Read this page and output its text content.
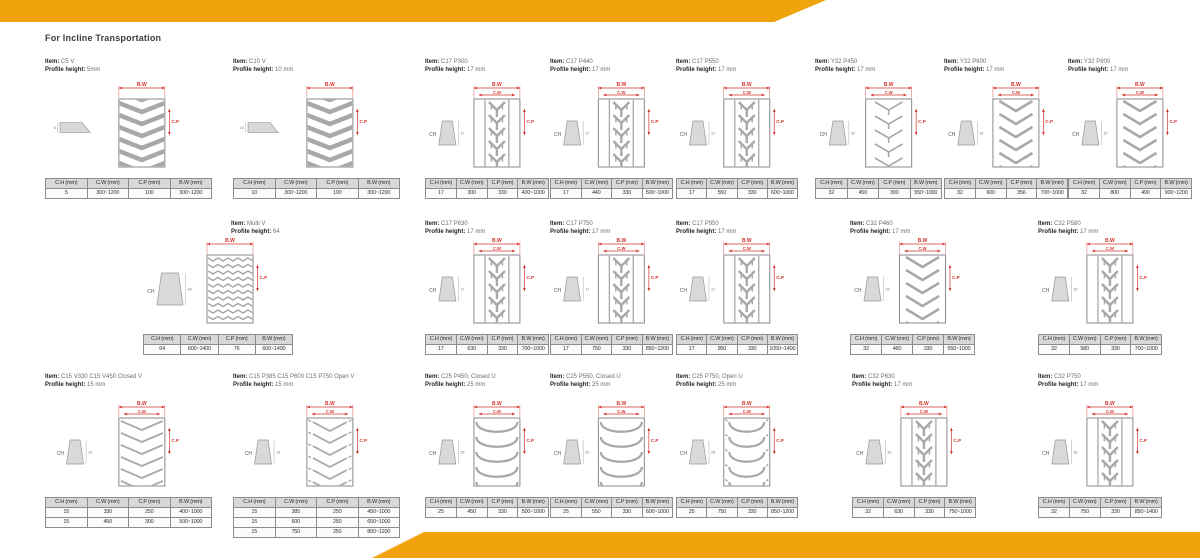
For Incline Transportation
Item: C5 V
Profile height: 5mm
B.W
C.P
5
C.H (mm)	C.W (mm)	C.P (mm)	B.W (mm)
5	300~1200	100	300~1200
Item: C10 V
Profile height: 10 mm
B.W
C.P
10
C.H (mm)	C.W (mm)	C.P (mm)	B.W (mm)
10	300~1200	100	300~1200
Item: C17 P300
Profile height: 17 mm
B.W
C.W
C.P
CH	17
C.H (mm)	C.W (mm)	C.P (mm)	B.W (mm)
17	300	330	400~1000
Item: C17 P440
Profile height: 17 mm
B.W
C.W
C.P
CH	17
C.H (mm)	C.W (mm)	C.P (mm)	B.W (mm)
17	440	330	500~1000
Item: C17 P550
Profile height: 17 mm
B.W
C.W
C.P
CH	17
C.H (mm)	C.W (mm)	C.P (mm)	B.W (mm)
17	550	330	600~1000
Item: Y32 P450
Profile height: 17 mm
B.W
C.W
C.P
CH	32
C.H (mm)	C.W (mm)	C.P (mm)	B.W (mm)
32	450	300	550~1000
Item: Y32 P600
Profile height: 17 mm
B.W
C.W
C.P
CH	32
C.H (mm)	C.W (mm)	C.P (mm)	B.W (mm)
32	600	356	700~1000
Item: Y32 P800
Profile height: 17 mm
B.W
C.W
C.P
CH	32
C.H (mm)	C.W (mm)	C.P (mm)	B.W (mm)
32	800	490	900~1200
Item: Multi V
Profile height: 64
B.W
C.P
CH	64
C.H (mm)	C.W (mm)	C.P (mm)	B.W (mm)
64	600~1400	76	600~1400
Item: C17 P630
Profile height: 17 mm
B.W
C.W
C.P
CH	17
C.H (mm)	C.W (mm)	C.P (mm)	B.W (mm)
17	630	330	700~1000
Item: C17 P750
Profile height: 17 mm
B.W
C.W
C.P
CH	17
C.H (mm)	C.W (mm)	C.P (mm)	B.W (mm)
17	750	330	850~1200
Item: C17 P950
Profile height: 17 mm
B.W
C.W
C.P
CH	17
C.H (mm)	C.W (mm)	C.P (mm)	B.W (mm)
17	950	330	1050~1400
Item: C32 P460
Profile height: 17 mm
B.W
C.W
C.P
CH	32
C.H (mm)	C.W (mm)	C.P (mm)	B.W (mm)
32	460	330	550~1000
Item: C32 P580
Profile height: 17 mm
B.W
C.W
C.P
CH	32
C.H (mm)	C.W (mm)	C.P (mm)	B.W (mm)
32	580	330	700~1000
Item: C15 V330 C15 V450 Closed V
Profile height: 15 mm
B.W
C.W
C.P
CH	15
C.H (mm)	C.W (mm)	C.P (mm)	B.W (mm)
15	330	250	400~1000
15	450	300	500~1000
Item: C15 P385 C15 P600 C15 P750 Open V
Profile height: 15 mm
B.W
C.W
C.P
CH	15
C.H (mm)	C.W (mm)	C.P (mm)	B.W (mm)
15	385	250	450~1000
15	600	250	650~1000
15	750	250	800~1200
Item: C25 P450, Closed U
Profile height: 25 mm
B.W
C.W
C.P
CH	25
C.H (mm)	C.W (mm)	C.P (mm)	B.W (mm)
25	450	330	500~1000
Item: C25 P550, Closed U
Profile height: 25 mm
B.W
C.W
C.P
CH	25
C.H (mm)	C.W (mm)	C.P (mm)	B.W (mm)
25	550	330	600~1000
Item: C25 P750, Open U
Profile height: 25 mm
B.W
C.W
C.P
CH	25
C.H (mm)	C.W (mm)	C.P (mm)	B.W (mm)
25	750	330	850~1200
Item: C32 P630
Profile height: 17 mm
B.W
C.W
C.P
CH	32
C.H (mm)	C.W (mm)	C.P (mm)	B.W (mm)
32	630	330	750~1000
Item: C32 P750
Profile height: 17 mm
B.W
C.W
C.P
CH	32
C.H (mm)	C.W (mm)	C.P (mm)	B.W (mm)
32	750	330	850~1400
